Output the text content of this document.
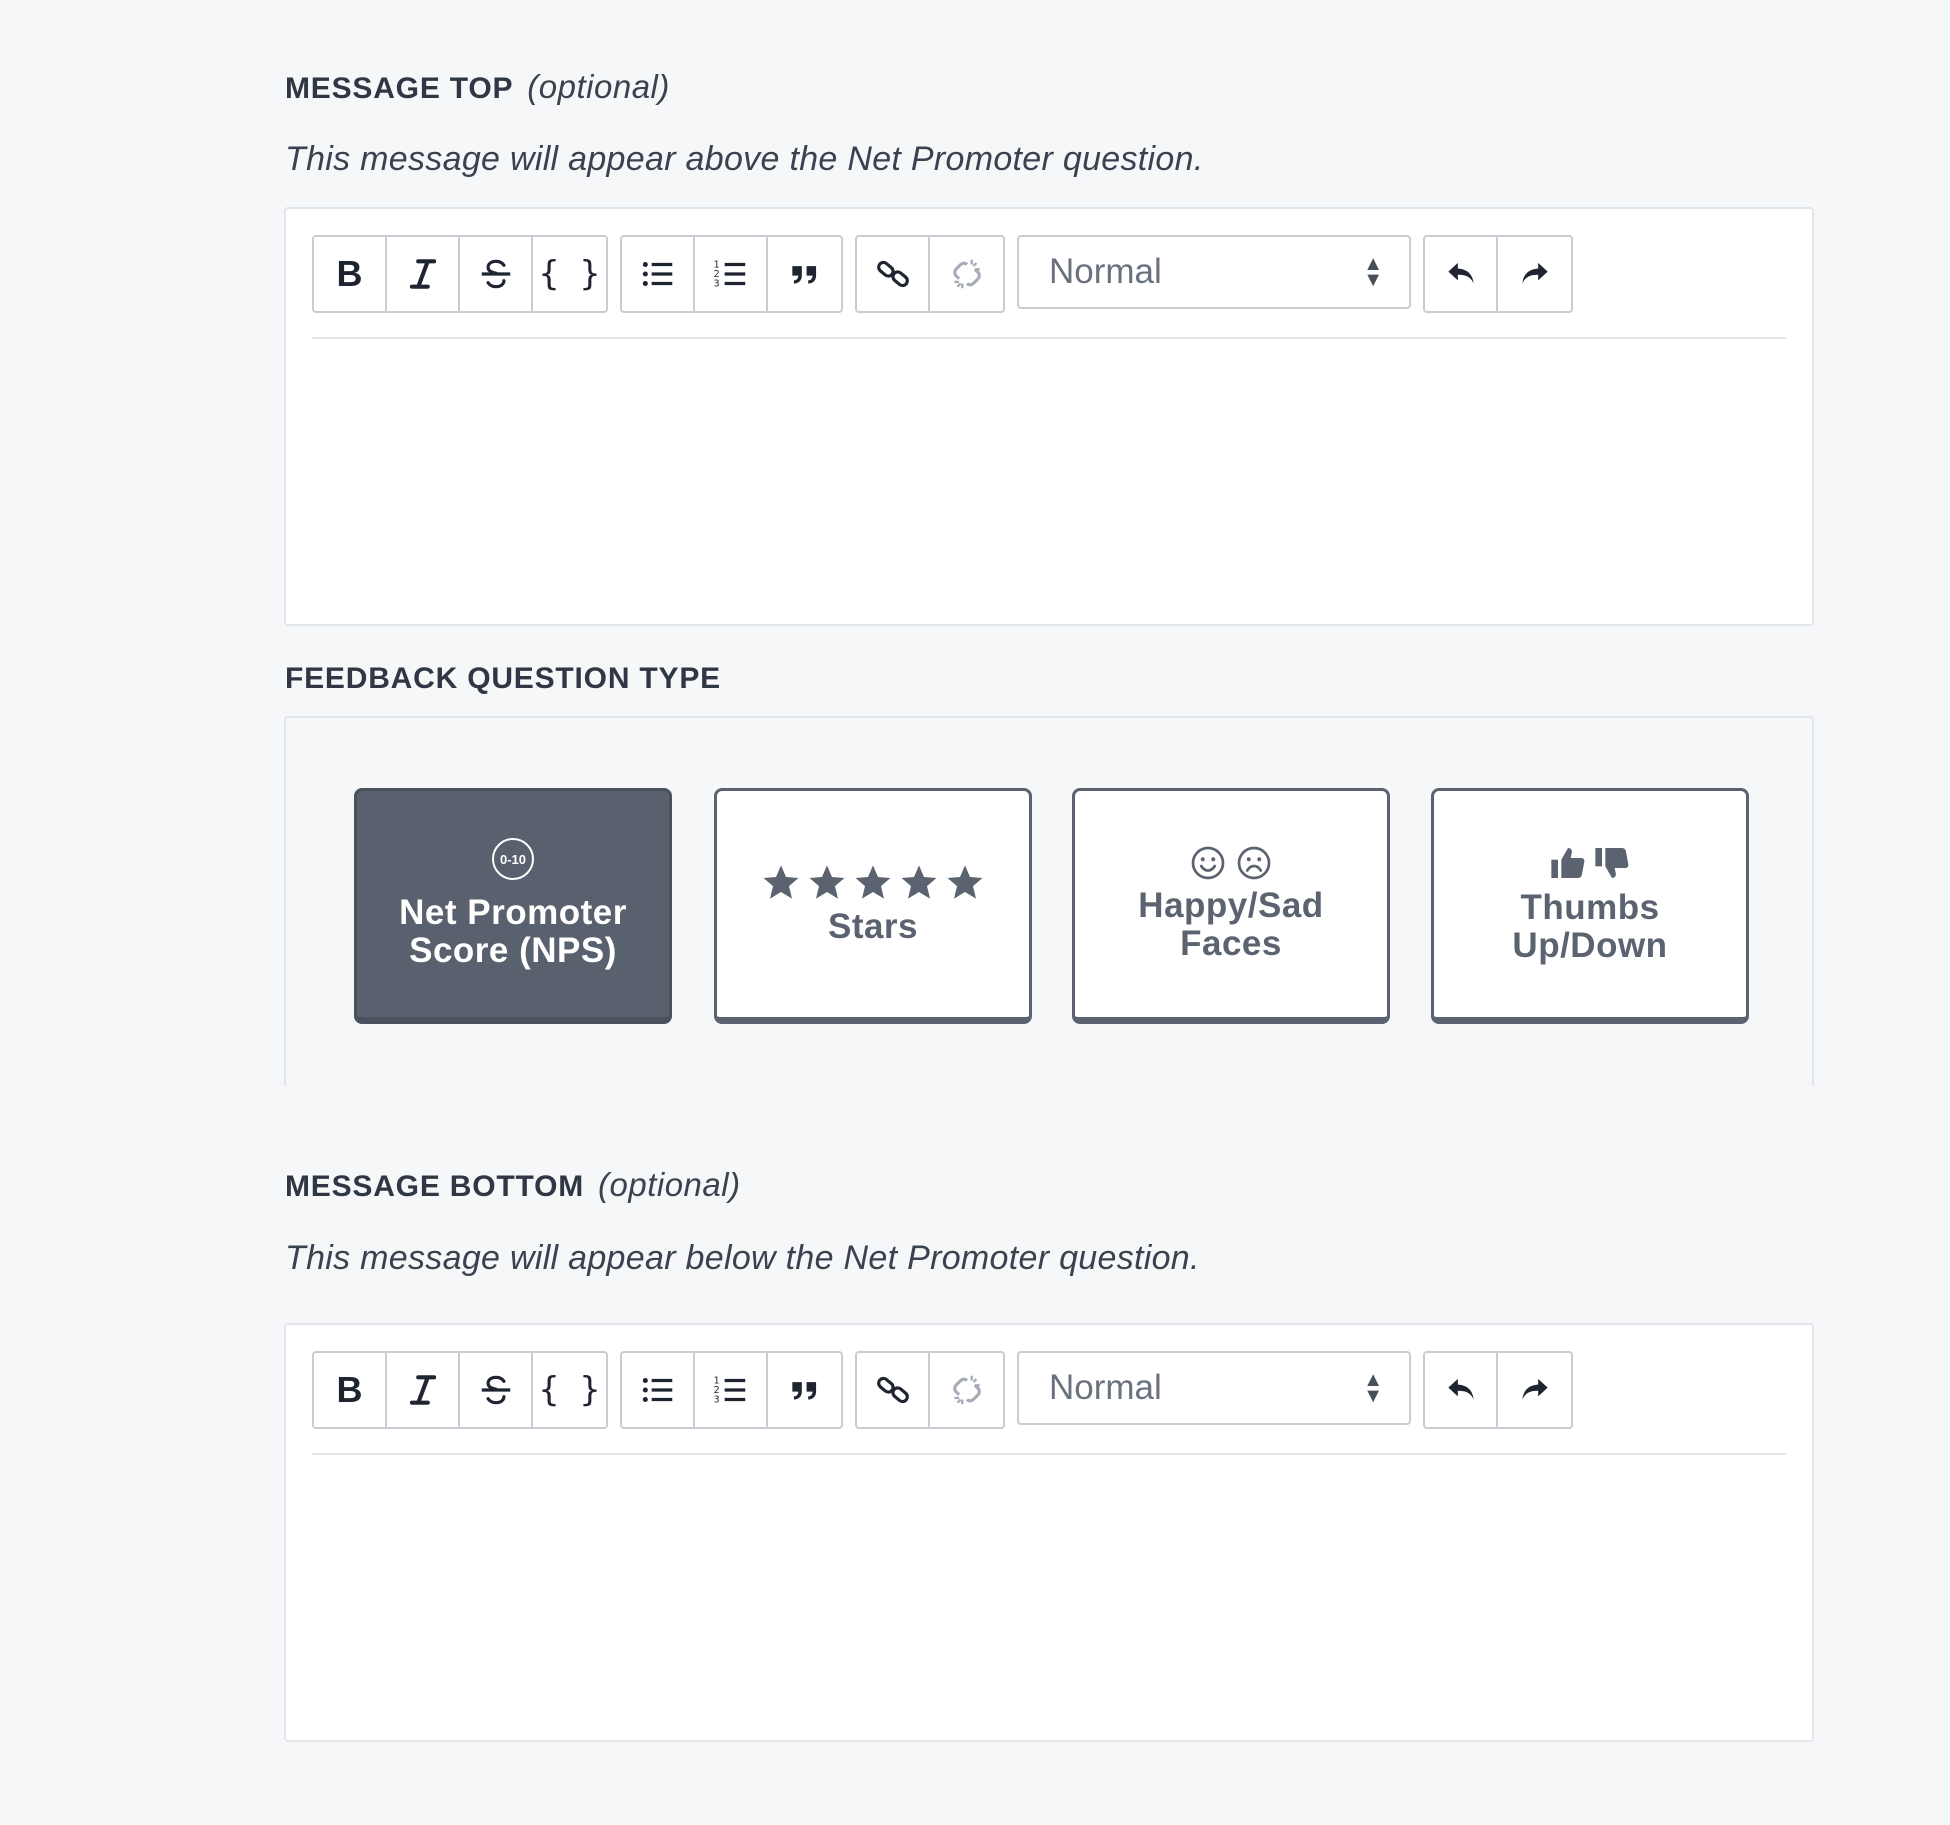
MESSAGE TOP (optional)
This message will appear above the Net Promoter question.
B	{ }	1
2
3	Normal	▲
▼
FEEDBACK QUESTION TYPE
0-10
Net Promoter
Score (NPS)
Stars
Happy/Sad
Faces
Thumbs
Up/Down
MESSAGE BOTTOM (optional)
This message will appear below the Net Promoter question.
B	{ }	1
2
3	Normal	▲
▼
